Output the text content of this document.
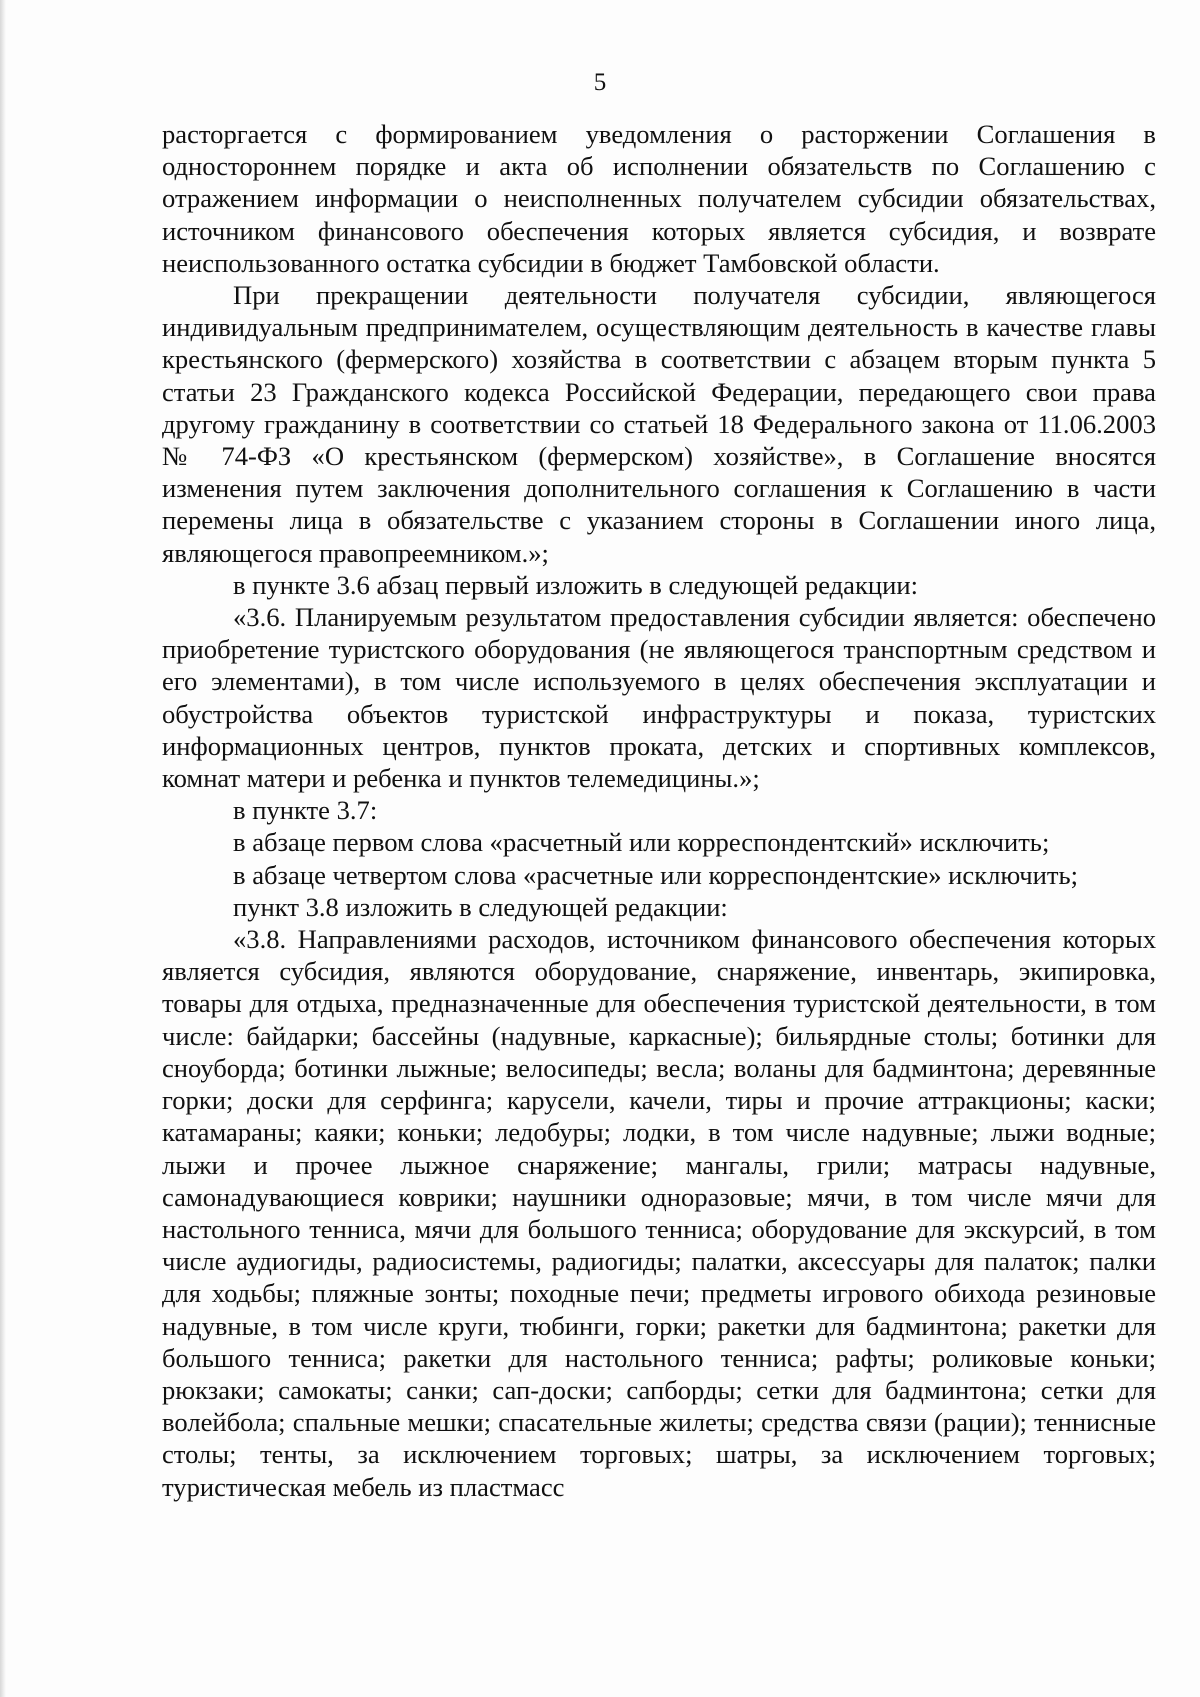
5

расторгается с формированием уведомления о расторжении Соглашения в одностороннем порядке и акта об исполнении обязательств по Соглашению с отражением информации о неисполненных получателем субсидии обязательствах, источником финансового обеспечения которых является субсидия, и возврате неиспользованного остатка субсидии в бюджет Тамбовской области.

При прекращении деятельности получателя субсидии, являющегося индивидуальным предпринимателем, осуществляющим деятельность в качестве главы крестьянского (фермерского) хозяйства в соответствии с абзацем вторым пункта 5 статьи 23 Гражданского кодекса Российской Федерации, передающего свои права другому гражданину в соответствии со статьей 18 Федерального закона от 11.06.2003 № 74-ФЗ «О крестьянском (фермерском) хозяйстве», в Соглашение вносятся изменения путем заключения дополнительного соглашения к Соглашению в части перемены лица в обязательстве с указанием стороны в Соглашении иного лица, являющегося правопреемником.»;

в пункте 3.6 абзац первый изложить в следующей редакции:

«3.6. Планируемым результатом предоставления субсидии является: обеспечено приобретение туристского оборудования (не являющегося транспортным средством и его элементами), в том числе используемого в целях обеспечения эксплуатации и обустройства объектов туристской инфраструктуры и показа, туристских информационных центров, пунктов проката, детских и спортивных комплексов, комнат матери и ребенка и пунктов телемедицины.»;

в пункте 3.7:

в абзаце первом слова «расчетный или корреспондентский» исключить;

в абзаце четвертом слова «расчетные или корреспондентские» исключить;

пункт 3.8 изложить в следующей редакции:

«3.8. Направлениями расходов, источником финансового обеспечения которых является субсидия, являются оборудование, снаряжение, инвентарь, экипировка, товары для отдыха, предназначенные для обеспечения туристской деятельности, в том числе: байдарки; бассейны (надувные, каркасные); бильярдные столы; ботинки для сноуборда; ботинки лыжные; велосипеды; весла; воланы для бадминтона; деревянные горки; доски для серфинга; карусели, качели, тиры и прочие аттракционы; каски; катамараны; каяки; коньки; ледобуры; лодки, в том числе надувные; лыжи водные; лыжи и прочее лыжное снаряжение; мангалы, грили; матрасы надувные, самонадувающиеся коврики; наушники одноразовые; мячи, в том числе мячи для настольного тенниса, мячи для большого тенниса; оборудование для экскурсий, в том числе аудиогиды, радиосистемы, радиогиды; палатки, аксессуары для палаток; палки для ходьбы; пляжные зонты; походные печи; предметы игрового обихода резиновые надувные, в том числе круги, тюбинги, горки; ракетки для бадминтона; ракетки для большого тенниса; ракетки для настольного тенниса; рафты; роликовые коньки; рюкзаки; самокаты; санки; сап-доски; сапборды; сетки для бадминтона; сетки для волейбола; спальные мешки; спасательные жилеты; средства связи (рации); теннисные столы; тенты, за исключением торговых; шатры, за исключением торговых; туристическая мебель из пластмасс
